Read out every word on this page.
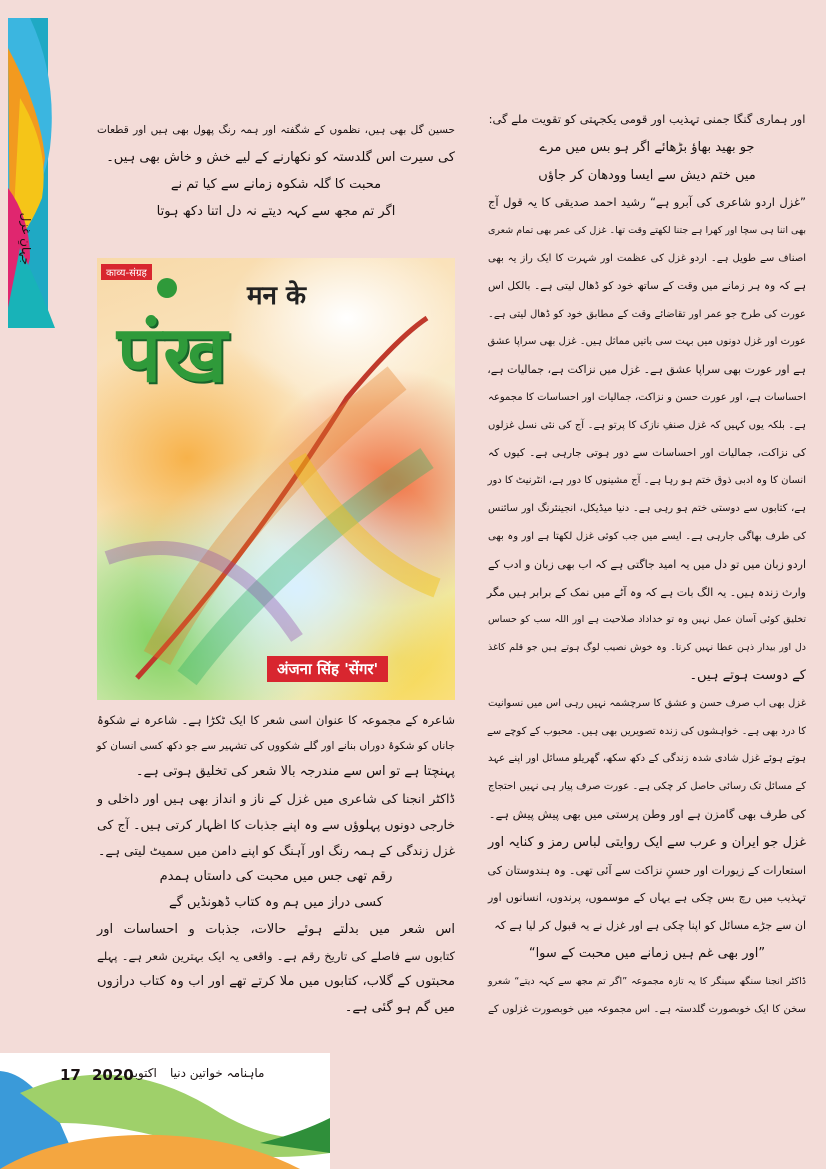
جہانِ غزل
اور ہماری گنگا جمنی تہذیب اور قومی یکجہتی کو تقویت ملے گی:
جو بھید بھاؤ بڑھائے اگر ہو بس میں مرے
میں ختم دیش سے ایسا وودھان کر جاؤں
”غزل اردو شاعری کی آبرو ہے“ رشید احمد صدیقی کا یہ قول آج
بھی اتنا ہی سچا اور کھرا ہے جتنا لکھتے وقت تھا۔ غزل کی عمر بھی تمام شعری
اصناف سے طویل ہے۔ اردو غزل کی عظمت اور شہرت کا ایک راز یہ بھی
ہے کہ وہ ہر زمانے میں وقت کے ساتھ خود کو ڈھال لیتی ہے۔ بالکل اس
عورت کی طرح جو عمر اور تقاضائے وقت کے مطابق خود کو ڈھال لیتی ہے۔
عورت اور غزل دونوں میں بہت سی باتیں مماثل ہیں۔ غزل بھی سراپا عشق
ہے اور عورت بھی سراپا عشق ہے۔ غزل میں نزاکت ہے، جمالیات ہے،
احساسات ہے، اور عورت حسن و نزاکت، جمالیات اور احساسات کا مجموعہ
ہے۔ بلکہ یوں کہیں کہ غزل صنفِ نازک کا پرتو ہے۔ آج کی نئی نسل غزلوں
کی نزاکت، جمالیات اور احساسات سے دور ہوتی جارہی ہے۔ کیوں کہ
انسان کا وہ ادبی ذوق ختم ہو رہا ہے۔ آج مشینوں کا دور ہے، انٹرنیٹ کا دور
ہے، کتابوں سے دوستی ختم ہو رہی ہے۔ دنیا میڈیکل، انجینئرنگ اور سائنس
کی طرف بھاگی جارہی ہے۔ ایسے میں جب کوئی غزل لکھتا ہے اور وہ بھی
اردو زبان میں تو دل میں یہ امید جاگتی ہے کہ اب بھی زبان و ادب کے
وارث زندہ ہیں۔ یہ الگ بات ہے کہ وہ آٹے میں نمک کے برابر ہیں مگر
تخلیق کوئی آسان عمل نہیں وہ تو خداداد صلاحیت ہے اور اللہ سب کو حساس
دل اور بیدار ذہن عطا نہیں کرتا۔ وہ خوش نصیب لوگ ہوتے ہیں جو قلم کاغذ
کے دوست ہوتے ہیں۔
غزل بھی اب صرف حسن و عشق کا سرچشمہ نہیں رہی اس میں نسوانیت
کا درد بھی ہے۔ خواہشوں کی زندہ تصویریں بھی ہیں۔ محبوب کے کوچے سے
ہوتے ہوئے غزل شادی شدہ زندگی کے دکھ سکھ، گھریلو مسائل اور اپنے عہد
کے مسائل تک رسائی حاصل کر چکی ہے۔ عورت صرف پیار ہی نہیں احتجاج
کی طرف بھی گامزن ہے اور وطن پرستی میں بھی پیش پیش ہے۔
غزل جو ایران و عرب سے ایک روایتی لباس رمز و کنایہ اور
استعارات کے زیورات اور حسنِ نزاکت سے آئی تھی۔ وہ ہندوستان کی
تہذیب میں رچ بس چکی ہے یہاں کے موسموں، پرندوں، انسانوں اور
ان سے جڑے مسائل کو اپنا چکی ہے اور غزل نے یہ قبول کر لیا ہے کہ
”اور بھی غم ہیں زمانے میں محبت کے سوا“
ڈاکٹر انجنا سنگھ سینگر کا یہ تازہ مجموعہ ”اگر تم مجھ سے کہہ دیتے“ شعرو
سخن کا ایک خوبصورت گلدستہ ہے۔ اس مجموعہ میں خوبصورت غزلوں کے
حسین گل بھی ہیں، نظموں کے شگفتہ اور ہمہ رنگ پھول بھی ہیں اور قطعات
کی سیرت اس گلدستہ کو نکھارنے کے لیے خش و خاش بھی ہیں۔
محبت کا گلہ شکوہ زمانے سے کیا تم نے
اگر تم مجھ سے کہہ دیتے نہ دل اتنا دکھ ہوتا
काव्य-संग्रह
मन के
पंख
अंजना सिंह 'सेंगर'
شاعرہ کے مجموعہ کا عنوان اسی شعر کا ایک ٹکڑا ہے۔ شاعرہ نے شکوۂ
جاناں کو شکوۂ دوراں بنانے اور گلے شکووں کی تشہیر سے جو دکھ کسی انسان کو
پہنچتا ہے تو اس سے مندرجہ بالا شعر کی تخلیق ہوتی ہے۔
ڈاکٹر انجنا کی شاعری میں غزل کے ناز و انداز بھی ہیں اور داخلی و
خارجی دونوں پہلوؤں سے وہ اپنے جذبات کا اظہار کرتی ہیں۔ آج کی
غزل زندگی کے ہمہ رنگ اور آہنگ کو اپنے دامن میں سمیٹ لیتی ہے۔
رقم تھی جس میں محبت کی داستاں ہمدم
کسی دراز میں ہم وہ کتاب ڈھونڈیں گے
اس شعر میں بدلتے ہوئے حالات، جذبات و احساسات اور
کتابوں سے فاصلے کی تاریخ رقم ہے۔ واقعی یہ ایک بہترین شعر ہے۔ پہلے
محبتوں کے گلاب، کتابوں میں ملا کرتے تھے اور اب وہ کتاب درازوں
میں گم ہو گئی ہے۔
ماہنامہ خواتین دنیا
اکتوبر
2020
17
